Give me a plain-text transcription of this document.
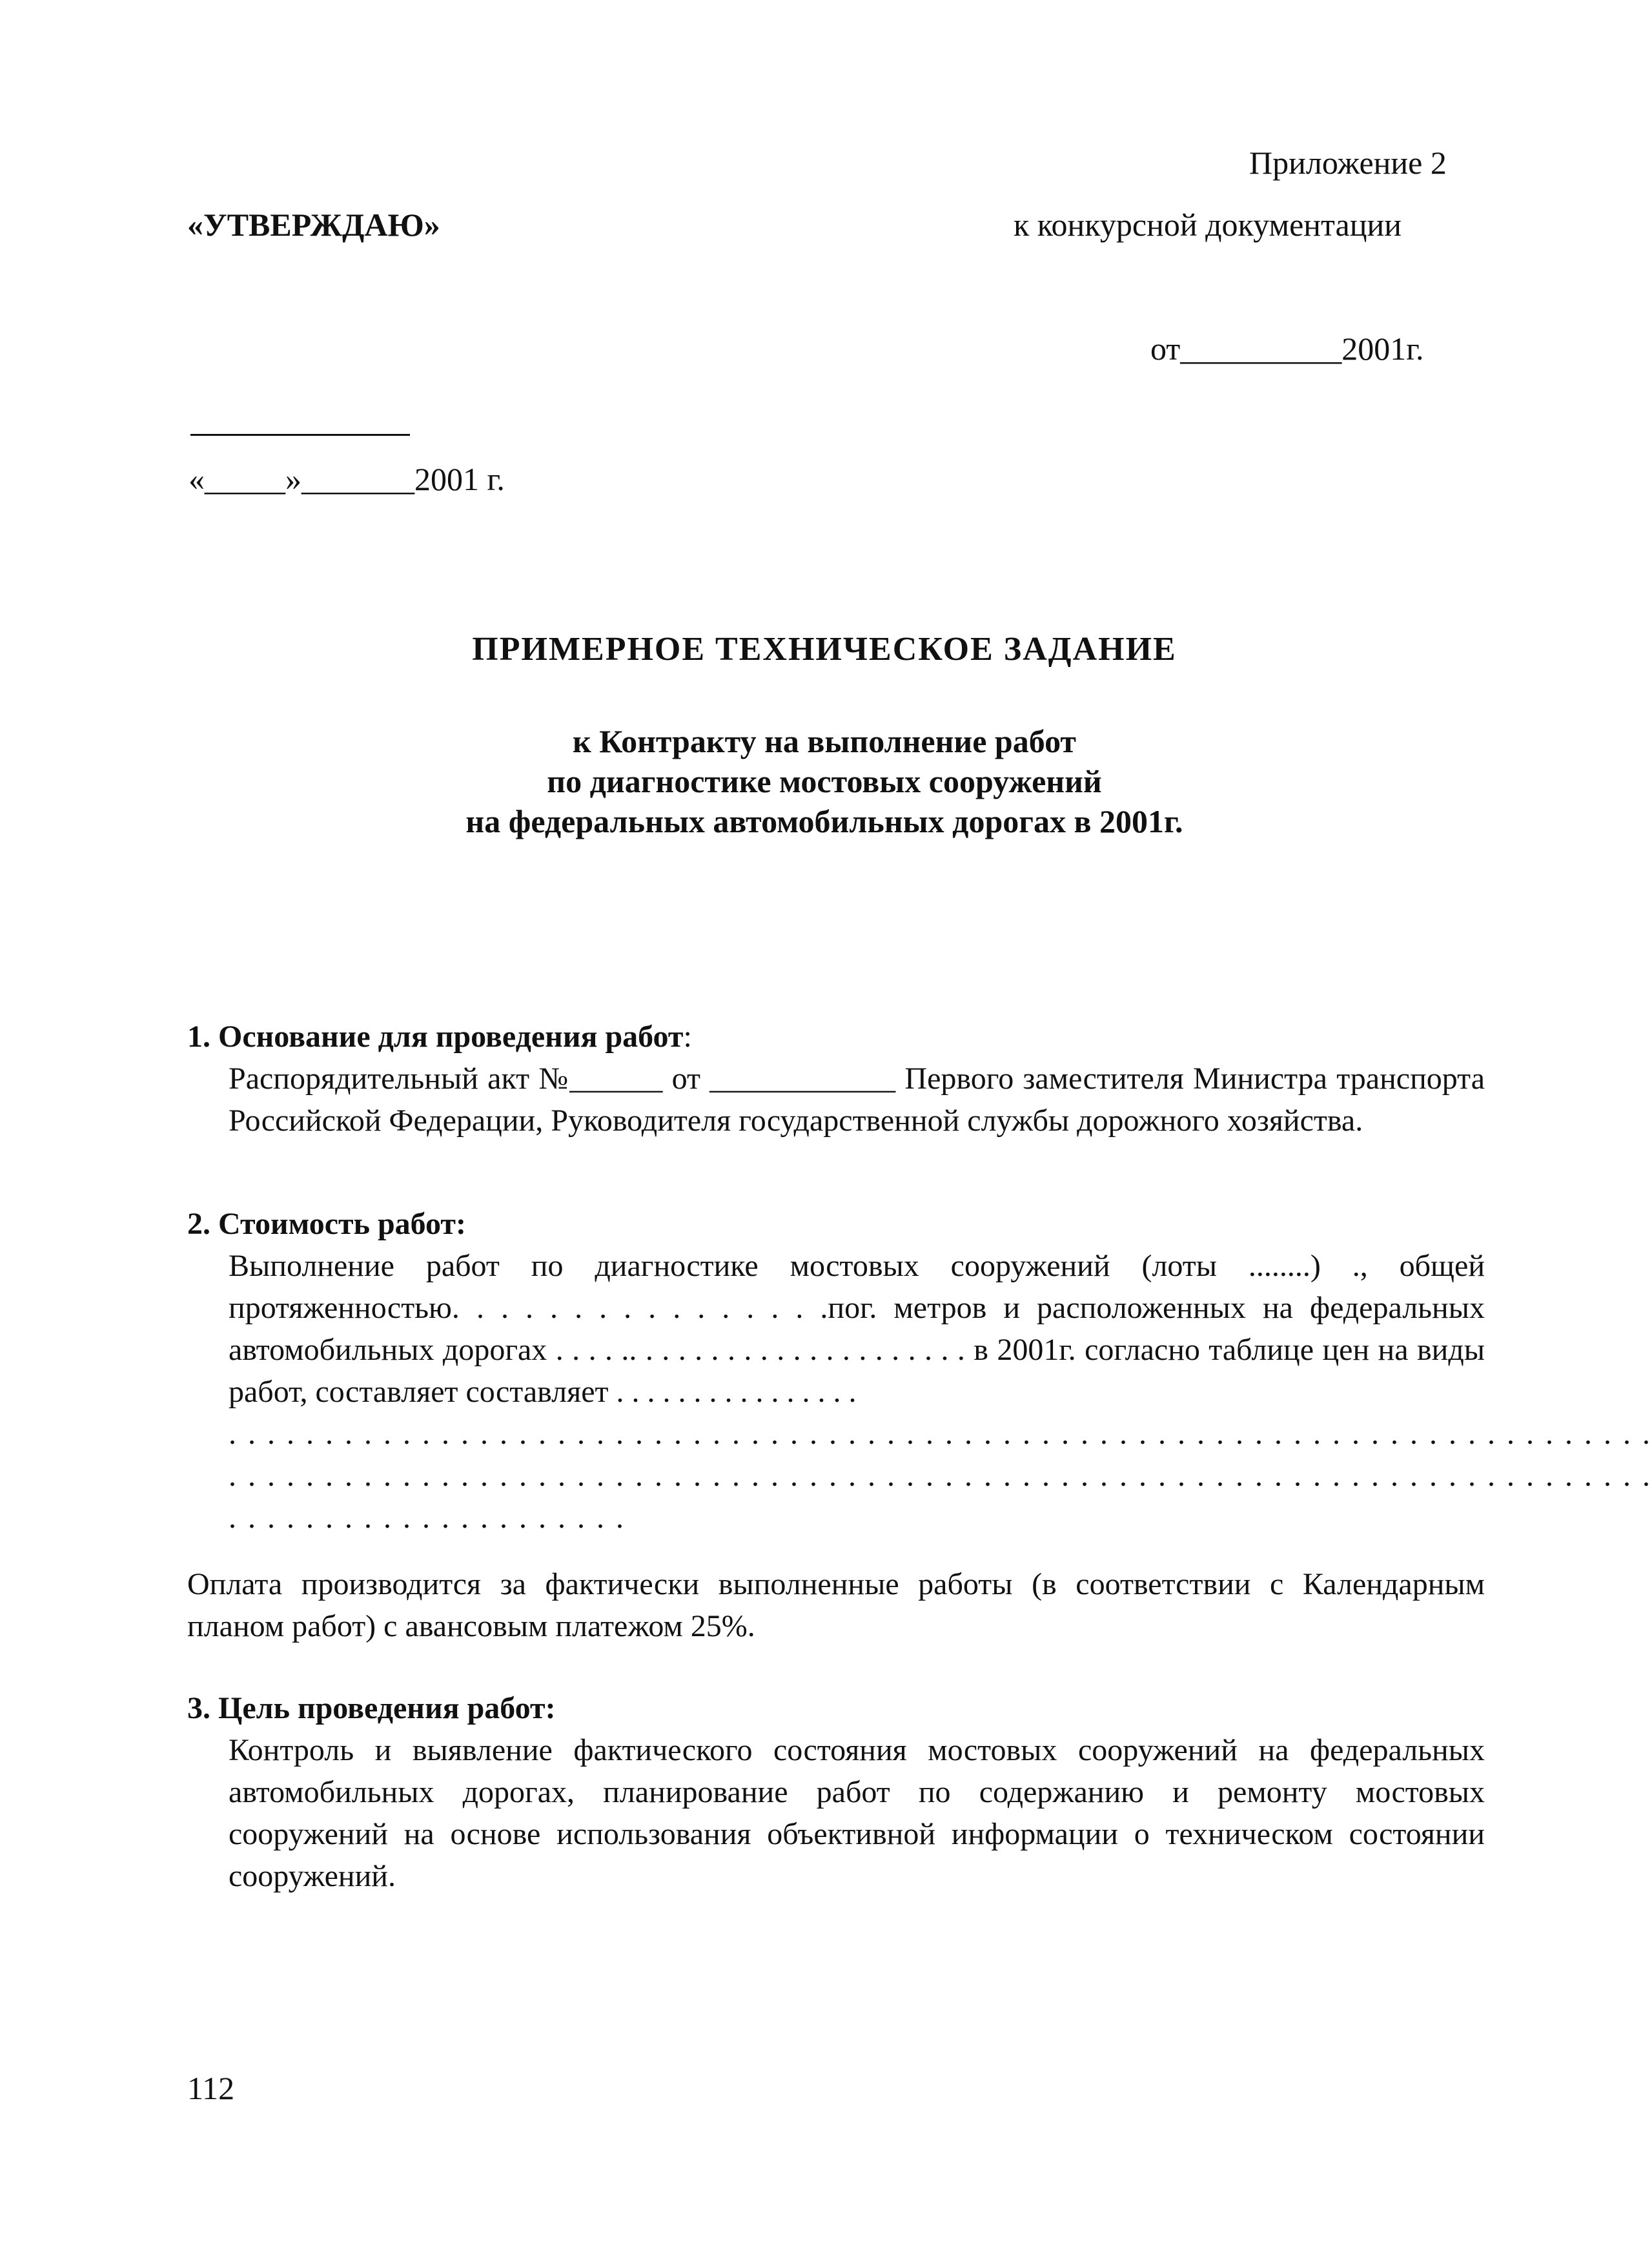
Приложение 2
«УТВЕРЖДАЮ»	к конкурсной документации
от__________2001г.
«_____»_______2001 г.
ПРИМЕРНОЕ ТЕХНИЧЕСКОЕ ЗАДАНИЕ
к Контракту на выполнение работ
по диагностике мостовых сооружений
на федеральных автомобильных дорогах в 2001г.

1. Основание для проведения работ:

Распорядительный акт №______ от ____________ Первого заместителя Министра транспорта Российской Федерации, Руководителя государственной службы дорожного хозяйства.

2. Стоимость работ:

Выполнение работ по диагностике мостовых сооружений (лоты ........) ., общей протяженностью. . . . . . . . . . . . . . . .пог. метров и расположенных на федеральных автомобильных дорогах . . . . .. . . . . . . . . . . . . . . . . . . . . в 2001г. согласно таблице цен на виды работ, составляет составляет . . . . . . . . . . . . . . . .

. . . . . . . . . . . . . . . . . . . . . . . . . . . . . . . . . . . . . . . . . . . . . . . . . . . . . . . . . . . . . . . . . . . . . . . . . .
. . . . . . . . . . . . . . . . . . . . . . . . . . . . . . . . . . . . . . . . . . . . . . . . . . . . . . . . . . . . . . . . . . . . . . . . . .
. . . . . . . . . . . . . . . . . . . . .

Оплата производится за фактически выполненные работы (в соответствии с Календарным планом работ) с авансовым платежом 25%.

3. Цель проведения работ:

Контроль и выявление фактического состояния мостовых сооружений на федеральных автомобильных дорогах, планирование работ по содержанию и ремонту мостовых сооружений на основе использования объективной информации о техническом состоянии сооружений.

112
